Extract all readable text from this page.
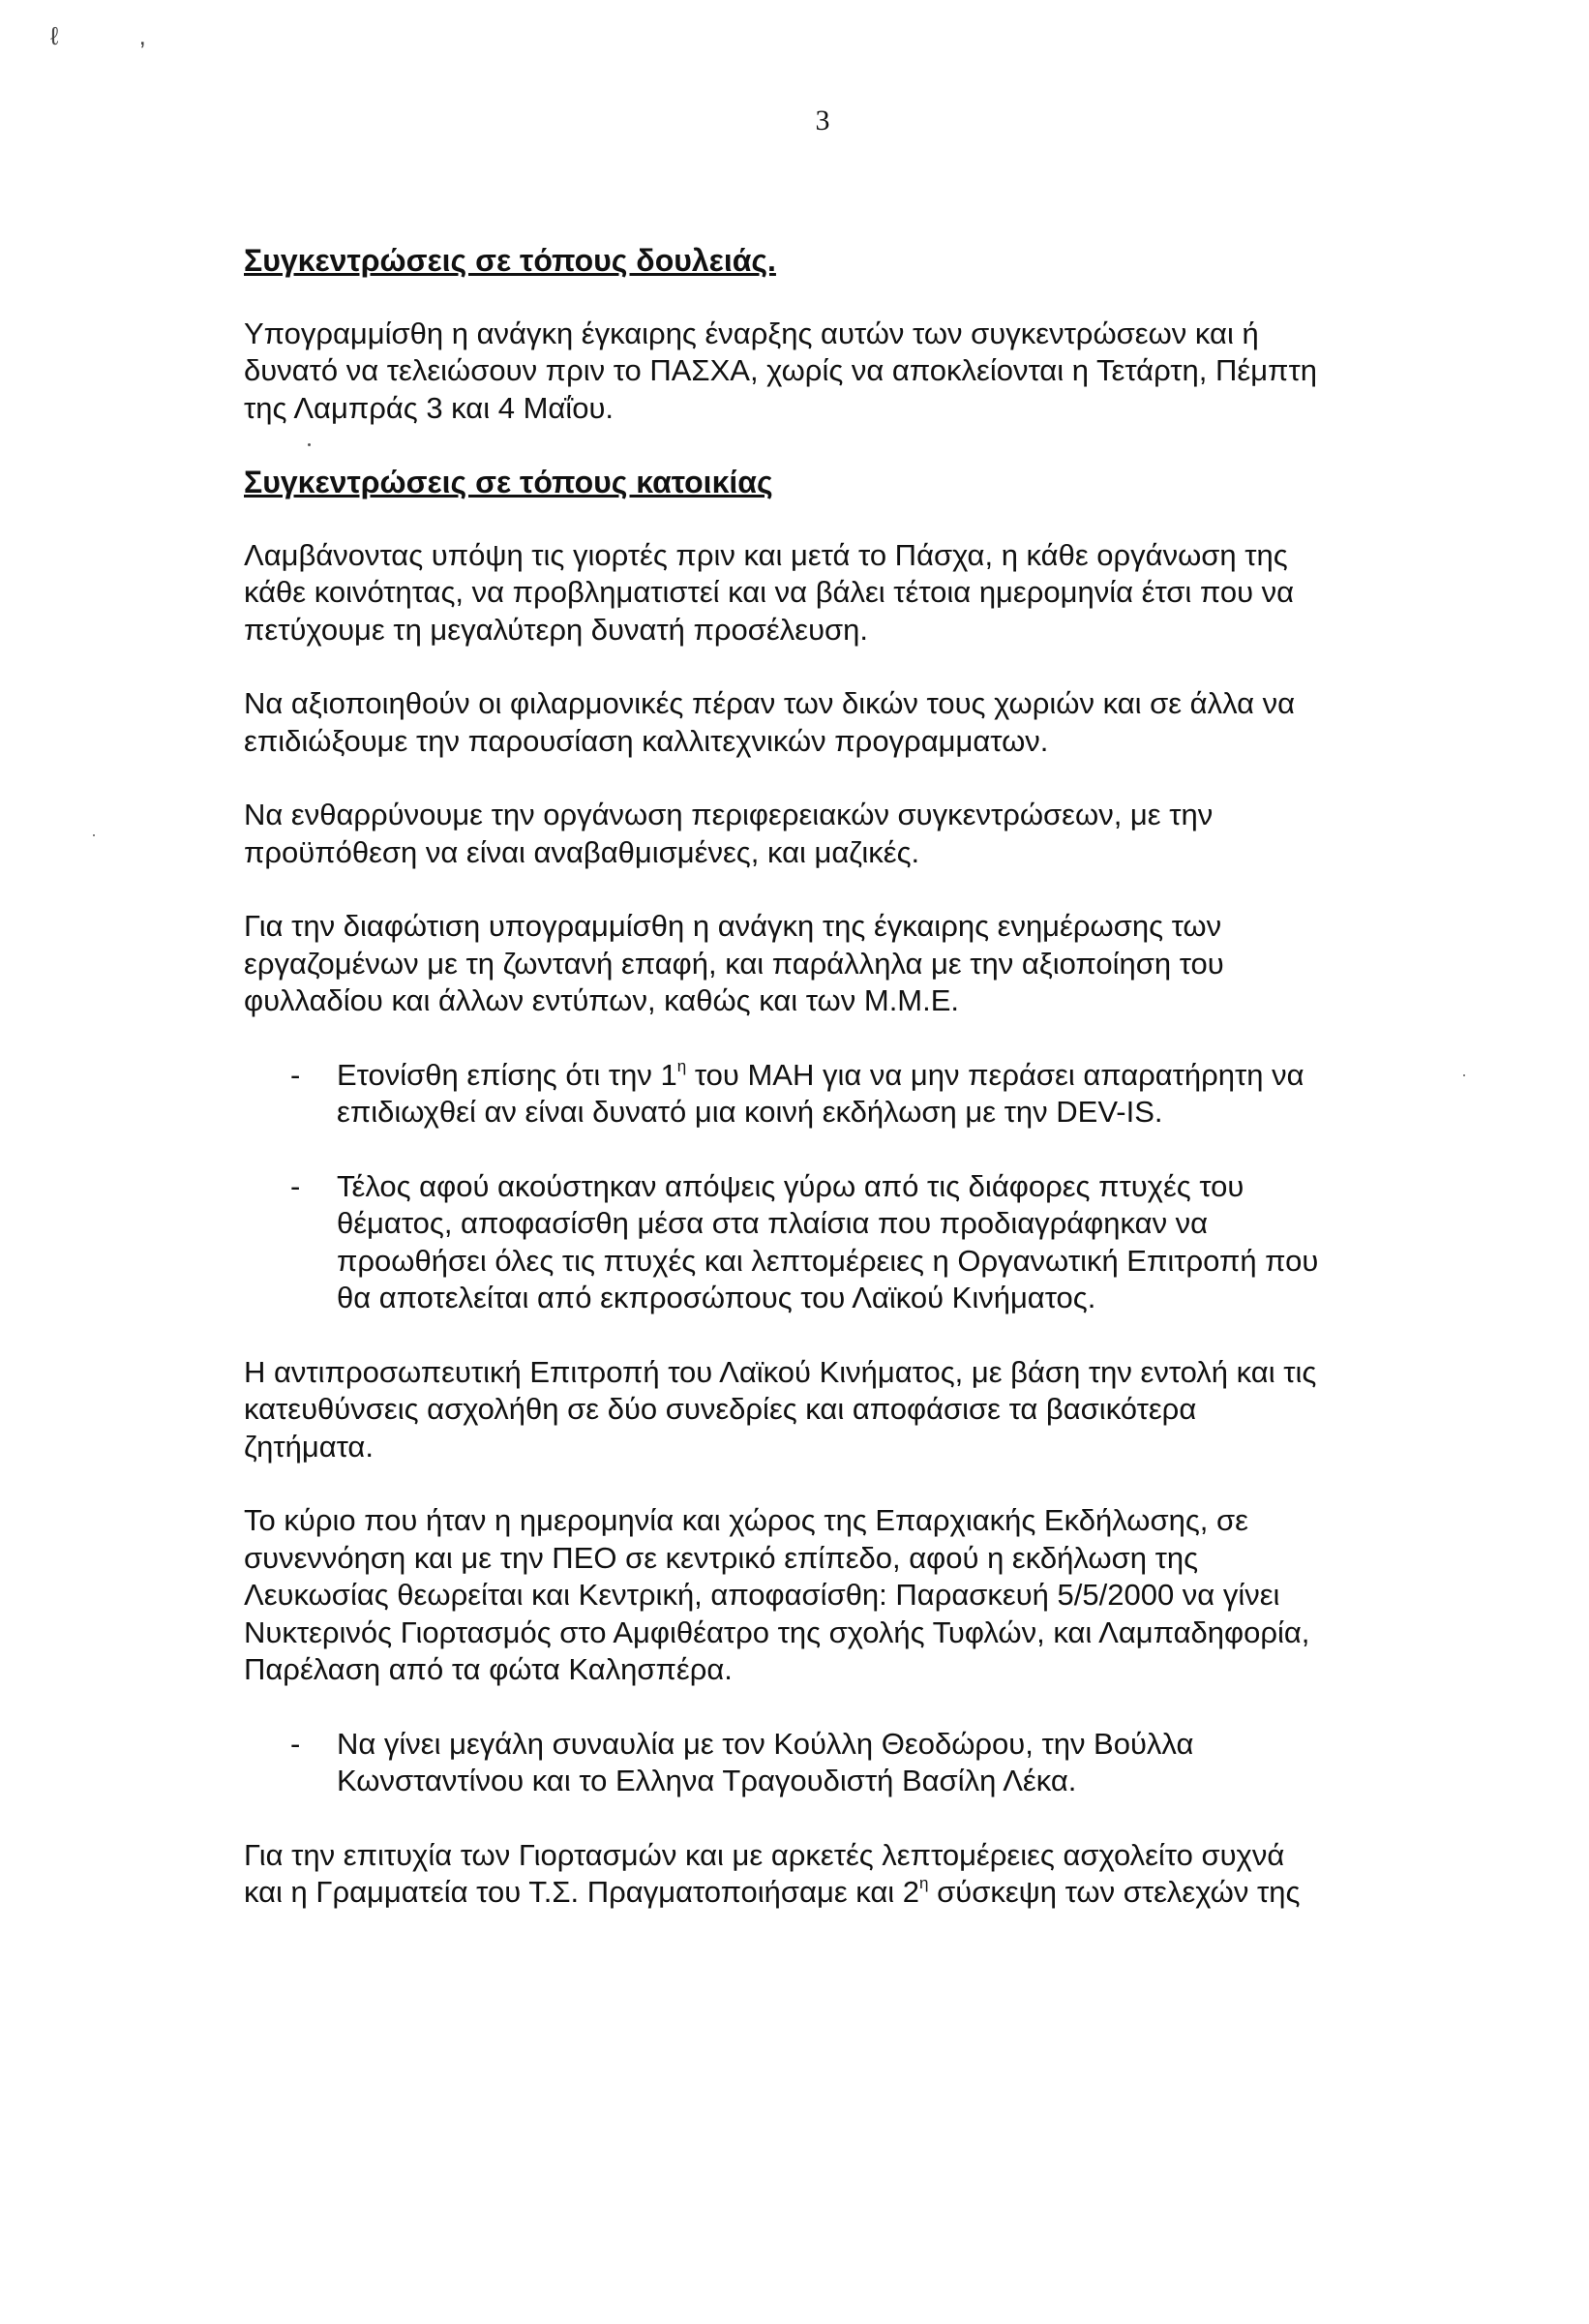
ℓ ,
3
Συγκεντρώσεις σε τόπους δουλειάς.
Υπογραμμίσθη η ανάγκη έγκαιρης έναρξης αυτών των συγκεντρώσεων και ή
δυνατό να τελειώσουν πριν το ΠΑΣΧΑ, χωρίς να αποκλείονται η Τετάρτη, Πέμπτη
της Λαμπράς 3 και 4 Μαΐου.
Συγκεντρώσεις σε τόπους κατοικίας
Λαμβάνοντας υπόψη τις γιορτές πριν και μετά το Πάσχα, η κάθε οργάνωση της
κάθε κοινότητας, να προβληματιστεί και να βάλει τέτοια ημερομηνία έτσι που να
πετύχουμε τη μεγαλύτερη δυνατή προσέλευση.
Να αξιοποιηθούν οι φιλαρμονικές πέραν των δικών τους χωριών και σε άλλα να
επιδιώξουμε την παρουσίαση καλλιτεχνικών προγραμματων.
Να ενθαρρύνουμε την οργάνωση περιφερειακών συγκεντρώσεων, με την
προϋπόθεση να είναι αναβαθμισμένες, και μαζικές.
Για την διαφώτιση υπογραμμίσθη η ανάγκη της έγκαιρης ενημέρωσης των
εργαζομένων με τη ζωντανή επαφή, και παράλληλα με την αξιοποίηση του
φυλλαδίου και άλλων εντύπων, καθώς και των Μ.Μ.Ε.
- Ετονίσθη επίσης ότι την $1^\eta$ του ΜΑΗ για να μην περάσει απαρατήρητη να
επιδιωχθεί αν είναι δυνατό μια κοινή εκδήλωση με την DEV-IS.
- Τέλος αφού ακούστηκαν απόψεις γύρω από τις διάφορες πτυχές του
θέματος, αποφασίσθη μέσα στα πλαίσια που προδιαγράφηκαν να
προωθήσει όλες τις πτυχές και λεπτομέρειες η Οργανωτική Επιτροπή που
θα αποτελείται από εκπροσώπους του Λαϊκού Κινήματος.
Η αντιπροσωπευτική Επιτροπή του Λαϊκού Κινήματος, με βάση την εντολή και τις
κατευθύνσεις ασχολήθη σε δύο συνεδρίες και αποφάσισε τα βασικότερα
ζητήματα.
Το κύριο που ήταν η ημερομηνία και χώρος της Επαρχιακής Εκδήλωσης, σε
συνεννόηση και με την ΠΕΟ σε κεντρικό επίπεδο, αφού η εκδήλωση της
Λευκωσίας θεωρείται και Κεντρική, αποφασίσθη: Παρασκευή 5/5/2000 να γίνει
Νυκτερινός Γιορτασμός στο Αμφιθέατρο της σχολής Τυφλών, και Λαμπαδηφορία,
Παρέλαση από τα φώτα Καλησπέρα.
- Να γίνει μεγάλη συναυλία με τον Κούλλη Θεοδώρου, την Βούλλα
Κωνσταντίνου και το Ελληνα Τραγουδιστή Βασίλη Λέκα.
Για την επιτυχία των Γιορτασμών και με αρκετές λεπτομέρειες ασχολείτο συχνά
και η Γραμματεία του Τ.Σ. Πραγματοποιήσαμε και $2^\eta$ σύσκεψη των στελεχών της
